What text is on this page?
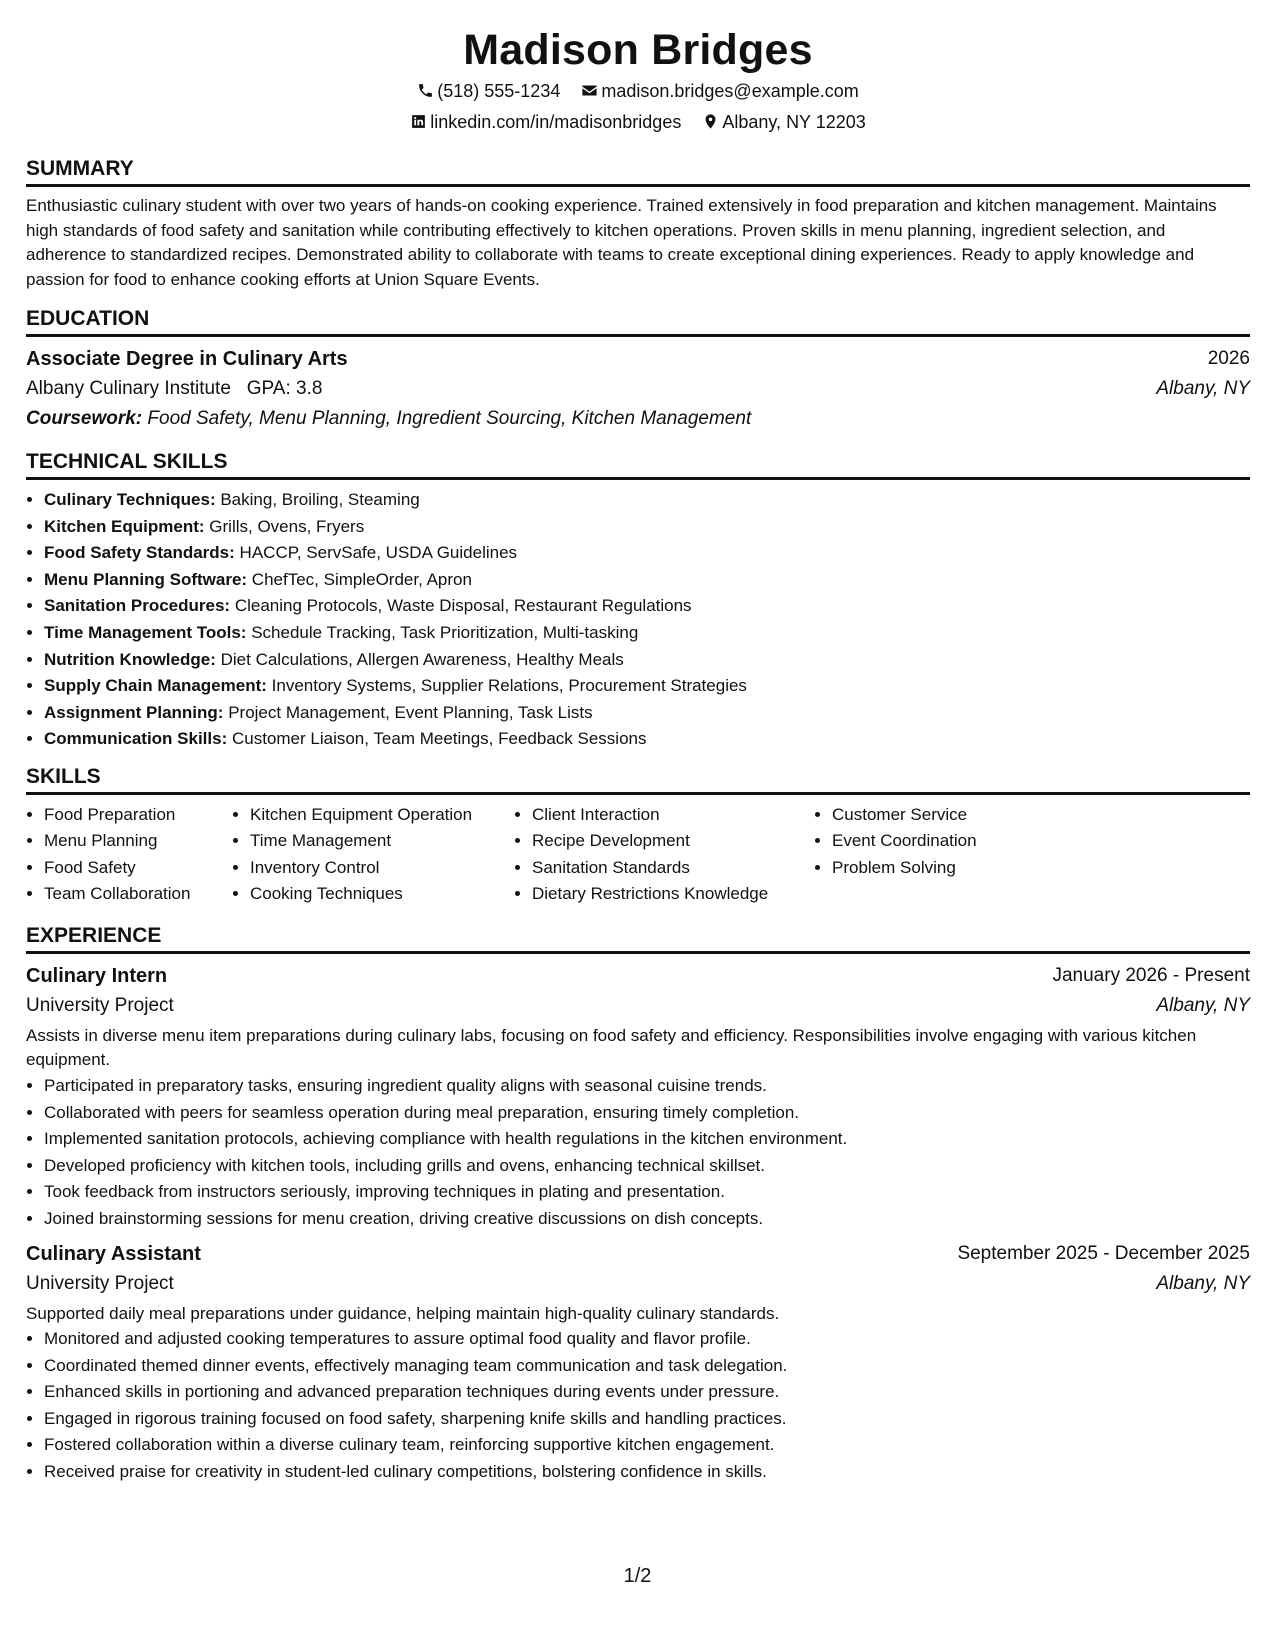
Madison Bridges
(518) 555-1234 madison.bridges@example.com
linkedin.com/in/madisonbridges Albany, NY 12203
SUMMARY

Enthusiastic culinary student with over two years of hands-on cooking experience. Trained extensively in food preparation and kitchen management. Maintains high standards of food safety and sanitation while contributing effectively to kitchen operations. Proven skills in menu planning, ingredient selection, and adherence to standardized recipes. Demonstrated ability to collaborate with teams to create exceptional dining experiences. Ready to apply knowledge and passion for food to enhance cooking efforts at Union Square Events.

EDUCATION
Associate Degree in Culinary Arts	2026
Albany Culinary Institute GPA: 3.8	Albany, NY
Coursework: Food Safety, Menu Planning, Ingredient Sourcing, Kitchen Management
TECHNICAL SKILLS
• Culinary Techniques: Baking, Broiling, Steaming
• Kitchen Equipment: Grills, Ovens, Fryers
• Food Safety Standards: HACCP, ServSafe, USDA Guidelines
• Menu Planning Software: ChefTec, SimpleOrder, Apron
• Sanitation Procedures: Cleaning Protocols, Waste Disposal, Restaurant Regulations
• Time Management Tools: Schedule Tracking, Task Prioritization, Multi-tasking
• Nutrition Knowledge: Diet Calculations, Allergen Awareness, Healthy Meals
• Supply Chain Management: Inventory Systems, Supplier Relations, Procurement Strategies
• Assignment Planning: Project Management, Event Planning, Task Lists
• Communication Skills: Customer Liaison, Team Meetings, Feedback Sessions
SKILLS
• Food Preparation
• Menu Planning
• Food Safety
• Team Collaboration
• Kitchen Equipment Operation
• Time Management
• Inventory Control
• Cooking Techniques
• Client Interaction
• Recipe Development
• Sanitation Standards
• Dietary Restrictions Knowledge
• Customer Service
• Event Coordination
• Problem Solving
EXPERIENCE
Culinary Intern	January 2026 - Present
University Project	Albany, NY

Assists in diverse menu item preparations during culinary labs, focusing on food safety and efficiency. Responsibilities involve engaging with various kitchen equipment.

• Participated in preparatory tasks, ensuring ingredient quality aligns with seasonal cuisine trends.
• Collaborated with peers for seamless operation during meal preparation, ensuring timely completion.
• Implemented sanitation protocols, achieving compliance with health regulations in the kitchen environment.
• Developed proficiency with kitchen tools, including grills and ovens, enhancing technical skillset.
• Took feedback from instructors seriously, improving techniques in plating and presentation.
• Joined brainstorming sessions for menu creation, driving creative discussions on dish concepts.
Culinary Assistant	September 2025 - December 2025
University Project	Albany, NY

Supported daily meal preparations under guidance, helping maintain high-quality culinary standards.

• Monitored and adjusted cooking temperatures to assure optimal food quality and flavor profile.
• Coordinated themed dinner events, effectively managing team communication and task delegation.
• Enhanced skills in portioning and advanced preparation techniques during events under pressure.
• Engaged in rigorous training focused on food safety, sharpening knife skills and handling practices.
• Fostered collaboration within a diverse culinary team, reinforcing supportive kitchen engagement.
• Received praise for creativity in student-led culinary competitions, bolstering confidence in skills.
1/2
